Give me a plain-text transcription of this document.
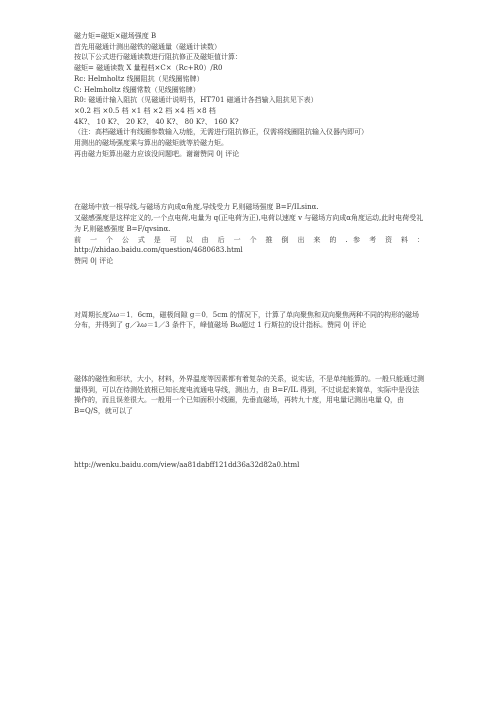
磁力矩=磁矩×磁场强度 B
首先用磁通计测出磁铁的磁通量（磁通计读数）
按以下公式进行磁通读数进行阻抗修正及磁矩值计算：
磁矩= 磁通读数 X 量程档×C×（Rc+R0）/R0
Rc: Helmholtz 线圈阻抗（见线圈铭牌）
C: Helmholtz 线圈常数（见线圈铭牌）
R0: 磁通计输入阻抗（见磁通计说明书，HT701 磁通计各挡输入阻抗见下表）
×0.2 档 ×0.5 档 ×1 档 ×2 档 ×4 档 ×8 档
4K?、 10 K?、 20 K?、 40 K?、 80 K?、 160 K?
（注：高档磁通计有线圈参数输入功能，无需进行阻抗修正，仅需将线圈阻抗输入仪器内即可）
用测出的磁场强度乘与算出的磁矩就等於磁力矩。
再由磁力矩算出磁力应该没问题吧。谢谢赞同 0| 评论
在磁场中放一根导线,与磁场方向成α角度,导线受力 F,则磁场强度 B=F/ILsinα.
又磁感强度是这样定义的,一个点电荷,电量为 q(正电荷为正),电荷以速度 v 与磁场方向成α角度运动,此时电荷受礼为 F,则磁感强度 B=F/qvsinα.
前 一 个 公 式 是 可 以 由 后 一 个 推 倒 出 来 的 . 参 考 资 料 ：
http://zhidao.baidu.com/question/4680683.html
赞同 0| 评论
对周期长度λω＝1．6cm，磁极间隙 g＝0．5cm 的情况下，计算了单向聚焦和双向聚焦两种不同的构形的磁场分布，并得到了 g／λω＝1／3 条件下，峰值磁场 Bω超过 1 行斯拉的设计指标。赞同 0| 评论
磁体的磁性和形状，大小，材料，外界温度等因素都有着复杂的关系，说实话，不是单纯能算的。一般只能通过测量得到，可以在待测处放根已知长度电流通电导线，测出力，由 B=F/IL 得到，不过说起来简单，实际中是没法操作的，而且误差很大。一般用一个已知面积小线圈，先垂直磁场，再转九十度，用电量记测出电量 Q，由 B=Q/S，就可以了
http://wenku.baidu.com/view/aa81dabff121dd36a32d82a0.html
